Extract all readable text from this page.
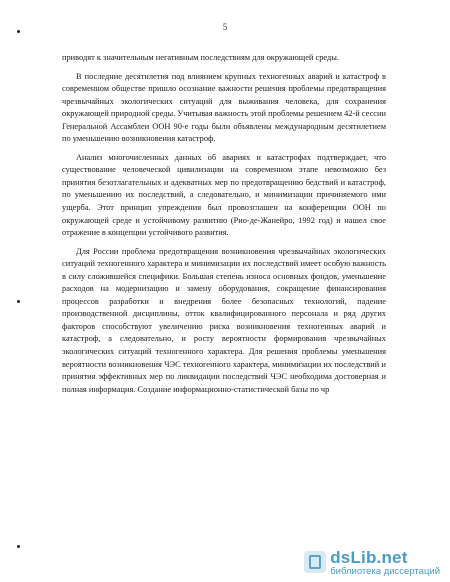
5

приводят к значительным негативным последствиям для окружающей среды.

В последние десятилетия под влиянием крупных техногенных аварий и катастроф в современном обществе пришло осознание важности решения проблемы предотвращения чрезвычайных экологических ситуаций для выживания человека, для сохранения окружающей природной среды. Учитывая важность этой проблемы решением 42-й сессии Генеральной Ассамблеи ООН 90-е годы были объявлены международным десятилетием по уменьшению возникновения катастроф.

Анализ многочисленных данных об авариях и катастрофах подтверждает, что существование человеческой цивилизации на современном этапе невозможно без принятия безотлагательных и адекватных мер по предотвращению бедствий и катастроф, по уменьшению их последствий, а следовательно, и минимизации причиняемого ими ущерба. Этот принцип упреждения был провозглашен на конференции ООН по окружающей среде и устойчивому развитию (Рио-де-Жанейро, 1992 год) и нашел свое отражение в концепции устойчивого развития.

Для России проблема предотвращения возникновения чрезвычайных экологических ситуаций техногенного характера и минимизации их последствий имеет особую важность в силу сложившейся специфики. Большая степень износа основных фондов, уменьшение расходов на модернизацию и замену оборудования, сокращение финансирования процессов разработки и внедрения более безопасных технологий, падение производственной дисциплины, отток квалифицированного персонала и ряд других факторов способствуют увеличению риска возникновения техногенных аварий и катастроф, а следовательно, и росту вероятности формирования чрезвычайных экологических ситуаций техногенного характера. Для решения проблемы уменьшения вероятности возникновения ЧЭС техногенного характера, минимизации их последствий и принятия эффективных мер по ликвидации последствий ЧЭС необходима достоверная и полная информация. Создание информационно-статистической базы по чр

dsLib.net
библиотека диссертаций
